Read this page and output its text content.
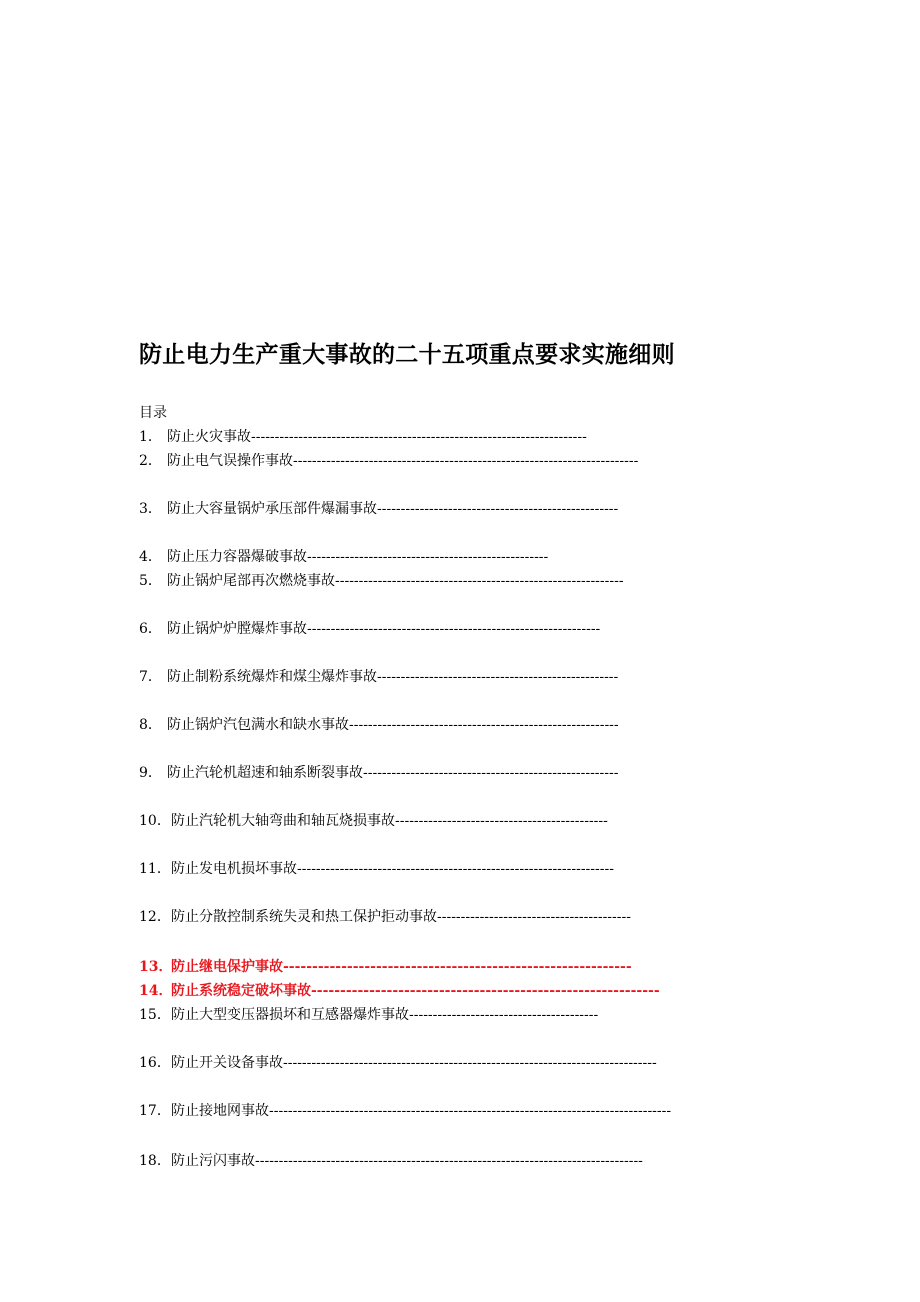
防止电力生产重大事故的二十五项重点要求实施细则
目录
1． 防止火灾事故-----------------------------------------------------------------------
2． 防止电气误操作事故-------------------------------------------------------------------------
3． 防止大容量锅炉承压部件爆漏事故---------------------------------------------------
4． 防止压力容器爆破事故---------------------------------------------------
5． 防止锅炉尾部再次燃烧事故-------------------------------------------------------------
6． 防止锅炉炉膛爆炸事故--------------------------------------------------------------
7． 防止制粉系统爆炸和煤尘爆炸事故---------------------------------------------------
8． 防止锅炉汽包满水和缺水事故---------------------------------------------------------
9． 防止汽轮机超速和轴系断裂事故------------------------------------------------------
10．防止汽轮机大轴弯曲和轴瓦烧损事故---------------------------------------------
11．防止发电机损坏事故-------------------------------------------------------------------
12．防止分散控制系统失灵和热工保护拒动事故-----------------------------------------
13．防止继电保护事故------------------------------------------------------------
14．防止系统稳定破坏事故------------------------------------------------------------
15．防止大型变压器损坏和互感器爆炸事故----------------------------------------
16．防止开关设备事故-------------------------------------------------------------------------------
17．防止接地网事故-------------------------------------------------------------------------------------
18．防止污闪事故----------------------------------------------------------------------------------
